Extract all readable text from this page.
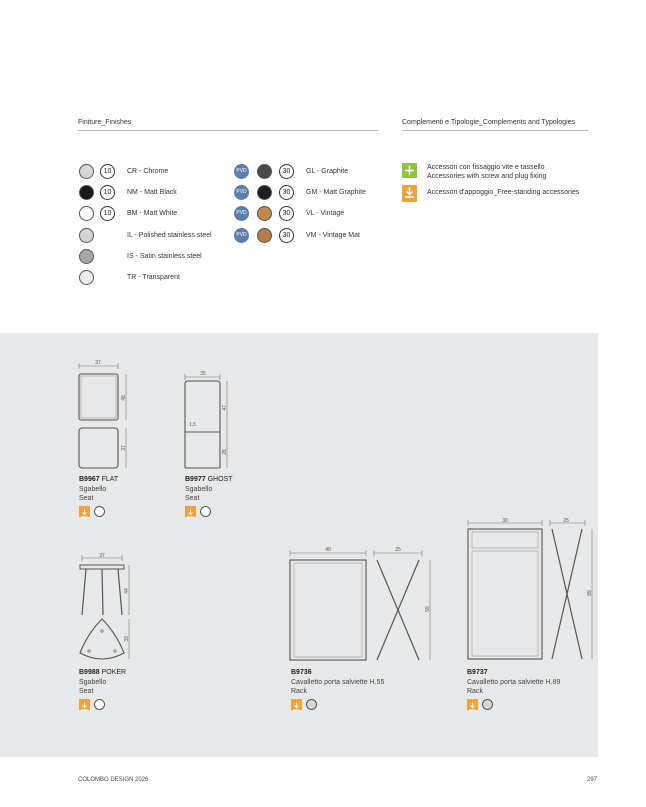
Finiture_Finishes	Complementi e Tipologie_Complements and Typologies
10	CR - Chrome
10	NM - Matt Black
10	BM - Matt White
IL - Polished stainless steel
IS - Satin stainless steel
TR - Transparent
PVD	30	GL - Graphite
PVD	30	GM - Matt Graphite
PVD	30	VL - Vintage
PVD	30	VM - Vintage Mat
Accessori con fissaggio vite e tassello
Accessories with screw and plug fixing
Accessori d'appoggio_Free-standing accessories
37
48
37
B9967 FLAT
Sgabello
Seat
35
1,5
47
28
B9977 GHOST
Sgabello
Seat
37
44
33
B9988 POKER
Sgabello
Seat
40	25
55
B9736
Cavalletto porta salviette H.55
Rack
30	25
89
B9737
Cavalletto porta salviette H.89
Rack
COLOMBO DESIGN 2026	297
